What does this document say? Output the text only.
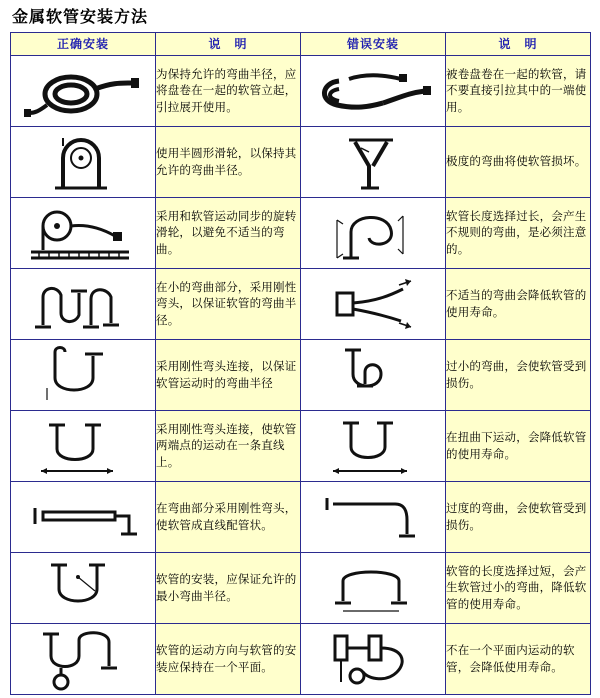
金属软管安装方法
正确安装	说　明	错误安装	说　明

	为保持允许的弯曲半径，应将盘卷在一起的软管立起，引拉展开使用。		被卷盘卷在一起的软管，请不要直接引拉其中的一端使用。

	使用半圆形滑轮，以保持其允许的弯曲半径。		极度的弯曲将使软管损坏。

	采用和软管运动同步的旋转滑轮，以避免不适当的弯曲。		软管长度选择过长，会产生不规则的弯曲，是必须注意的。

	在小的弯曲部分，采用刚性弯头，以保证软管的弯曲半径。		不适当的弯曲会降低软管的使用寿命。

	采用刚性弯头连接，以保证软管运动时的弯曲半径		过小的弯曲，会使软管受到损伤。

	采用刚性弯头连接，使软管两端点的运动在一条直线上。		在扭曲下运动，会降低软管的使用寿命。

	在弯曲部分采用刚性弯头，使软管成直线配管状。		过度的弯曲，会使软管受到损伤。

	软管的安装，应保证允许的最小弯曲半径。		软管的长度选择过短，会产生软管过小的弯曲，降低软管的使用寿命。

	软管的运动方向与软管的安装应保持在一个平面。		不在一个平面内运动的软管，会降低使用寿命。
